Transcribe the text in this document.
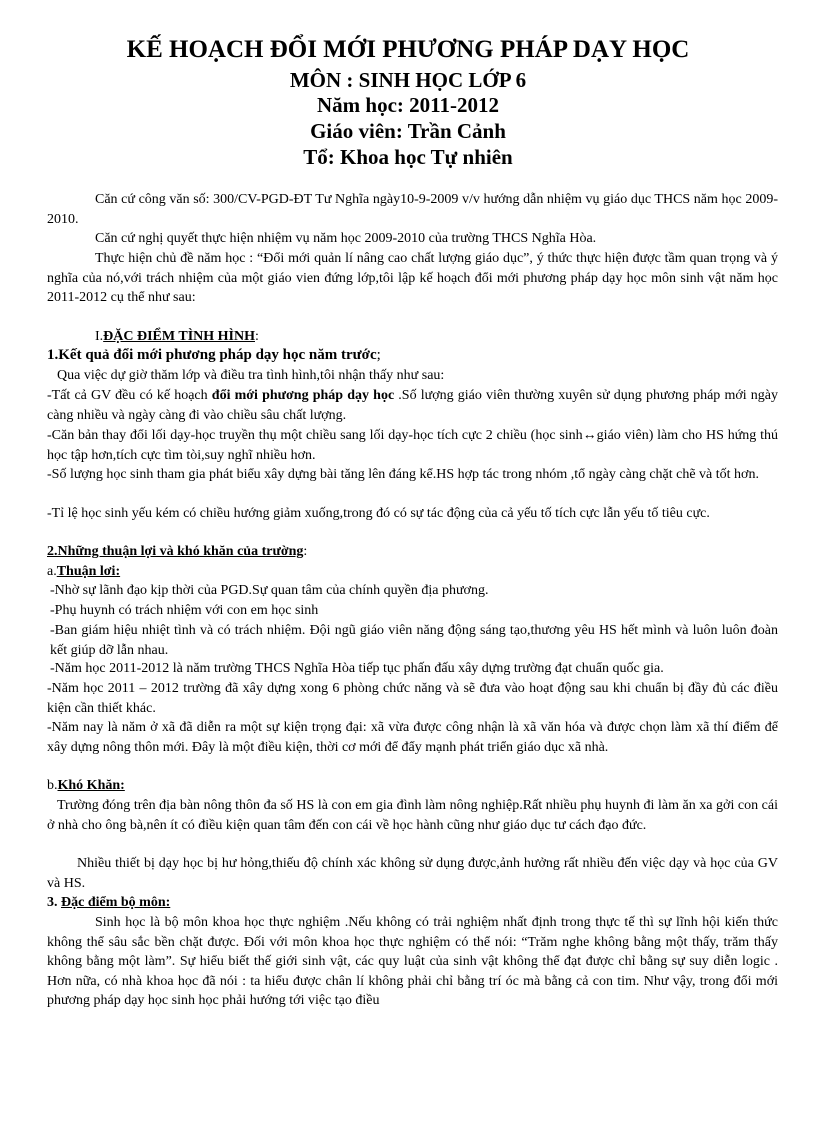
KẾ HOẠCH ĐỔI MỚI PHƯƠNG PHÁP DẠY HỌC
MÔN : SINH HỌC LỚP 6
Năm học: 2011-2012
Giáo viên: Trần Cảnh
Tổ: Khoa học Tự nhiên
Căn cứ công văn số: 300/CV-PGD-ĐT Tư Nghĩa ngày10-9-2009 v/v hướng dẫn nhiệm vụ giáo dục THCS năm học 2009-2010.
Căn cứ nghị quyết thực hiện nhiệm vụ năm học 2009-2010 của trường THCS Nghĩa Hòa.
Thực hiện chủ đề năm học : “Đổi mới quản lí nâng cao chất lượng giáo dục”, ý thức thực hiện được tầm quan trọng và ý nghĩa của nó,với trách nhiệm của một giáo vien đứng lớp,tôi lập kế hoạch đổi mới phương pháp dạy học môn sinh vật năm học 2011-2012 cụ thể như sau:
I.ĐẶC ĐIỂM TÌNH HÌNH:
1.Kết quả đổi mới phương pháp dạy học năm trước;
Qua việc dự giờ thăm lớp và điều tra tình hình,tôi nhận thấy như sau:
-Tất cả GV đều có kế hoạch đổi mới phương pháp dạy học .Số lượng giáo viên thường xuyên sử dụng phương pháp mới ngày càng nhiều và ngày càng đi vào chiều sâu chất lượng.
-Căn bản thay đổi lối dạy-học truyền thụ một chiều sang lối dạy-học tích cực 2 chiều (học sinh↔giáo viên) làm cho HS hứng thú học tập hơn,tích cực tìm tòi,suy nghĩ nhiều hơn.
-Số lượng học sinh tham gia phát biểu xây dựng bài tăng lên đáng kể.HS hợp tác trong nhóm ,tổ ngày càng chặt chẽ và tốt hơn.
-Tỉ lệ học sinh yếu kém có chiều hướng giảm xuống,trong đó có sự tác động của cả yếu tố tích cực lẫn yếu tố tiêu cực.
2.Những thuận lợi và khó khăn của trường:
a.Thuận lơi:
-Nhờ sự lãnh đạo kịp thời của PGD.Sự quan tâm của chính quyền địa phương.
-Phụ huynh có trách nhiệm với con em học sinh
-Ban giám hiệu nhiệt tình và có trách nhiệm. Đội ngũ giáo viên năng động sáng tạo,thương yêu HS hết mình và luôn luôn đoàn kết giúp dỡ lẫn nhau.
-Năm học 2011-2012 là năm trường THCS Nghĩa Hòa tiếp tục phấn đấu xây dựng trường đạt chuẩn quốc gia.
-Năm học 2011 – 2012 trường đã xây dựng xong 6 phòng chức năng và sẽ đưa vào hoạt động sau khi chuẩn bị đầy đủ các điều kiện cần thiết khác.
-Năm nay là năm ở xã đã diễn ra một sự kiện trọng đại: xã vừa được công nhận là xã văn hóa và được chọn làm xã thí điểm để xây dựng nông thôn mới. Đây là một điều kiện, thời cơ mới để đẩy mạnh phát triển giáo dục xã nhà.
b.Khó Khăn:
Trường đóng trên địa bàn nông thôn đa số HS là con em gia đình làm nông nghiệp.Rất nhiều phụ huynh đi làm ăn xa gởi con cái ở nhà cho ông bà,nên ít có điều kiện quan tâm đến con cái về học hành cũng như giáo dục tư cách đạo đức.
Nhiều thiết bị dạy học bị hư hỏng,thiếu độ chính xác không sử dụng được,ảnh hưởng rất nhiều đến việc dạy và học của GV và HS.
3. Đặc điểm bộ môn:
Sinh học là bộ môn khoa học thực nghiệm .Nếu không có trải nghiệm nhất định trong thực tế thì sự lĩnh hội kiến thức không thể sâu sắc bền chặt được. Đối với môn khoa học thực nghiệm có thể nói: “Trăm nghe không bằng một thấy, trăm thấy không bằng một làm”. Sự hiểu biết thế giới sinh vật, các quy luật của sinh vật không thể đạt được chỉ bằng sự suy diễn logic . Hơn nữa, có nhà khoa học đã nói : ta hiểu được chân lí không phải chỉ bằng trí óc mà bằng cả con tim. Như vậy, trong đổi mới phương pháp dạy học sinh học phải hướng tới việc tạo điều
